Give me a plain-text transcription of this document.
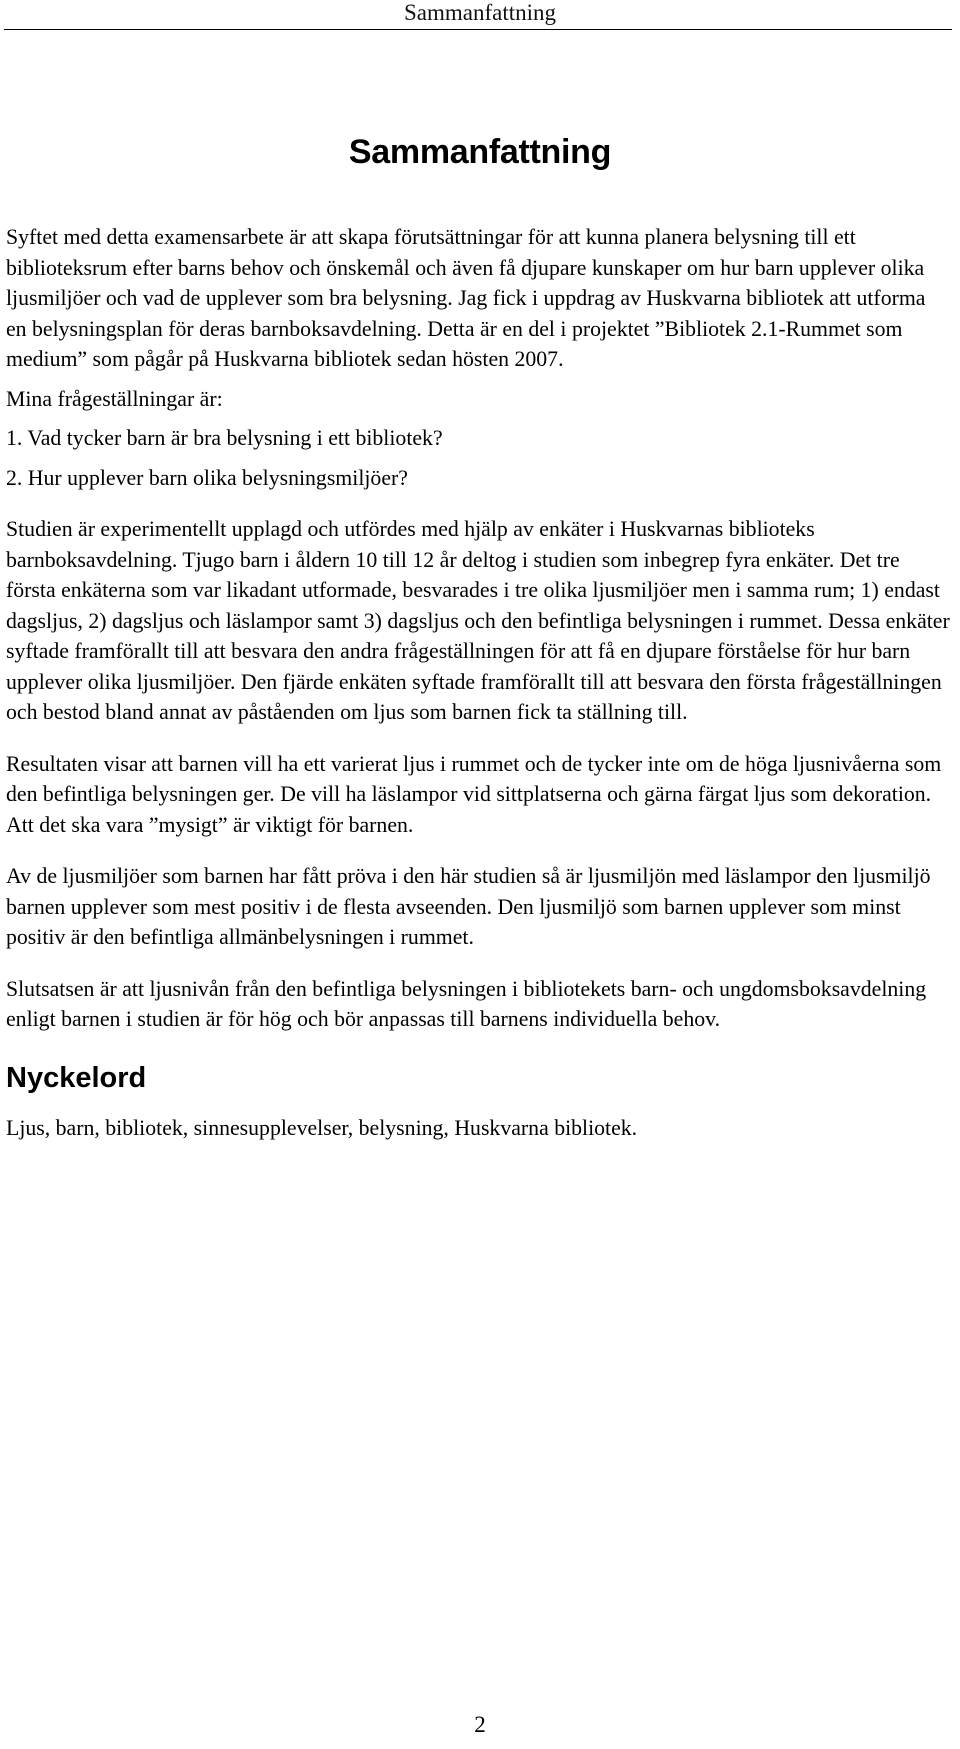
Sammanfattning
Sammanfattning

Syftet med detta examensarbete är att skapa förutsättningar för att kunna planera belysning till ett biblioteksrum efter barns behov och önskemål och även få djupare kunskaper om hur barn upplever olika ljusmiljöer och vad de upplever som bra belysning. Jag fick i uppdrag av Huskvarna bibliotek att utforma en belysningsplan för deras barnboksavdelning. Detta är en del i projektet ”Bibliotek 2.1-Rummet som medium” som pågår på Huskvarna bibliotek sedan hösten 2007.

Mina frågeställningar är:

1. Vad tycker barn är bra belysning i ett bibliotek?

2. Hur upplever barn olika belysningsmiljöer?

Studien är experimentellt upplagd och utfördes med hjälp av enkäter i Huskvarnas biblioteks barnboksavdelning. Tjugo barn i åldern 10 till 12 år deltog i studien som inbegrep fyra enkäter. Det tre första enkäterna som var likadant utformade, besvarades i tre olika ljusmiljöer men i samma rum; 1) endast dagsljus, 2) dagsljus och läslampor samt 3) dagsljus och den befintliga belysningen i rummet. Dessa enkäter syftade framförallt till att besvara den andra frågeställningen för att få en djupare förståelse för hur barn upplever olika ljusmiljöer. Den fjärde enkäten syftade framförallt till att besvara den första frågeställningen och bestod bland annat av påståenden om ljus som barnen fick ta ställning till.

Resultaten visar att barnen vill ha ett varierat ljus i rummet och de tycker inte om de höga ljusnivåerna som den befintliga belysningen ger. De vill ha läslampor vid sittplatserna och gärna färgat ljus som dekoration. Att det ska vara ”mysigt” är viktigt för barnen.

Av de ljusmiljöer som barnen har fått pröva i den här studien så är ljusmiljön med läslampor den ljusmiljö barnen upplever som mest positiv i de flesta avseenden. Den ljusmiljö som barnen upplever som minst positiv är den befintliga allmänbelysningen i rummet.

Slutsatsen är att ljusnivån från den befintliga belysningen i bibliotekets barn- och ungdomsboksavdelning enligt barnen i studien är för hög och bör anpassas till barnens individuella behov.

Nyckelord

Ljus, barn, bibliotek, sinnesupplevelser, belysning, Huskvarna bibliotek.

2
